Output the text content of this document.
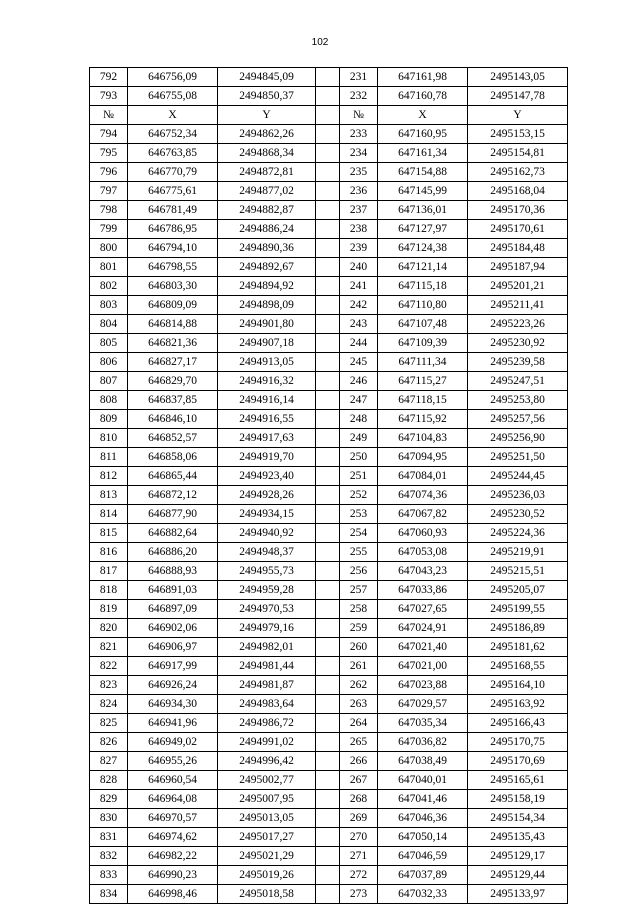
102
792	646756,09	2494845,09		231	647161,98	2495143,05
793	646755,08	2494850,37		232	647160,78	2495147,78
№	X	Y		№	X	Y
794	646752,34	2494862,26		233	647160,95	2495153,15
795	646763,85	2494868,34		234	647161,34	2495154,81
796	646770,79	2494872,81		235	647154,88	2495162,73
797	646775,61	2494877,02		236	647145,99	2495168,04
798	646781,49	2494882,87		237	647136,01	2495170,36
799	646786,95	2494886,24		238	647127,97	2495170,61
800	646794,10	2494890,36		239	647124,38	2495184,48
801	646798,55	2494892,67		240	647121,14	2495187,94
802	646803,30	2494894,92		241	647115,18	2495201,21
803	646809,09	2494898,09		242	647110,80	2495211,41
804	646814,88	2494901,80		243	647107,48	2495223,26
805	646821,36	2494907,18		244	647109,39	2495230,92
806	646827,17	2494913,05		245	647111,34	2495239,58
807	646829,70	2494916,32		246	647115,27	2495247,51
808	646837,85	2494916,14		247	647118,15	2495253,80
809	646846,10	2494916,55		248	647115,92	2495257,56
810	646852,57	2494917,63		249	647104,83	2495256,90
811	646858,06	2494919,70		250	647094,95	2495251,50
812	646865,44	2494923,40		251	647084,01	2495244,45
813	646872,12	2494928,26		252	647074,36	2495236,03
814	646877,90	2494934,15		253	647067,82	2495230,52
815	646882,64	2494940,92		254	647060,93	2495224,36
816	646886,20	2494948,37		255	647053,08	2495219,91
817	646888,93	2494955,73		256	647043,23	2495215,51
818	646891,03	2494959,28		257	647033,86	2495205,07
819	646897,09	2494970,53		258	647027,65	2495199,55
820	646902,06	2494979,16		259	647024,91	2495186,89
821	646906,97	2494982,01		260	647021,40	2495181,62
822	646917,99	2494981,44		261	647021,00	2495168,55
823	646926,24	2494981,87		262	647023,88	2495164,10
824	646934,30	2494983,64		263	647029,57	2495163,92
825	646941,96	2494986,72		264	647035,34	2495166,43
826	646949,02	2494991,02		265	647036,82	2495170,75
827	646955,26	2494996,42		266	647038,49	2495170,69
828	646960,54	2495002,77		267	647040,01	2495165,61
829	646964,08	2495007,95		268	647041,46	2495158,19
830	646970,57	2495013,05		269	647046,36	2495154,34
831	646974,62	2495017,27		270	647050,14	2495135,43
832	646982,22	2495021,29		271	647046,59	2495129,17
833	646990,23	2495019,26		272	647037,89	2495129,44
834	646998,46	2495018,58		273	647032,33	2495133,97
